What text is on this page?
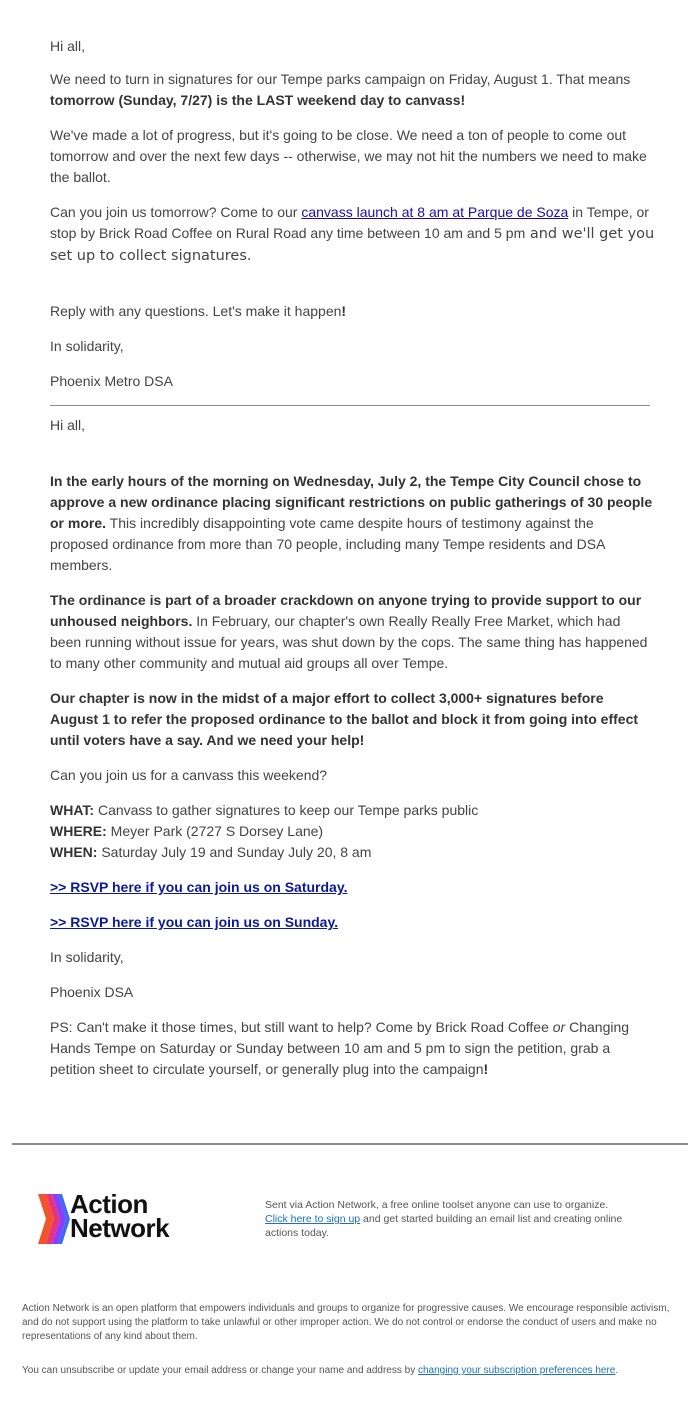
Hi all,

We need to turn in signatures for our Tempe parks campaign on Friday, August 1. That means tomorrow (Sunday, 7/27) is the LAST weekend day to canvass!

We've made a lot of progress, but it's going to be close. We need a ton of people to come out tomorrow and over the next few days -- otherwise, we may not hit the numbers we need to make the ballot.

Can you join us tomorrow? Come to our canvass launch at 8 am at Parque de Soza in Tempe, or stop by Brick Road Coffee on Rural Road any time between 10 am and 5 pm and we'll get you set up to collect signatures.

Reply with any questions. Let's make it happen!

In solidarity,

Phoenix Metro DSA

Hi all,

In the early hours of the morning on Wednesday, July 2, the Tempe City Council chose to approve a new ordinance placing significant restrictions on public gatherings of 30 people or more. This incredibly disappointing vote came despite hours of testimony against the proposed ordinance from more than 70 people, including many Tempe residents and DSA members.

The ordinance is part of a broader crackdown on anyone trying to provide support to our unhoused neighbors. In February, our chapter's own Really Really Free Market, which had been running without issue for years, was shut down by the cops. The same thing has happened to many other community and mutual aid groups all over Tempe.

Our chapter is now in the midst of a major effort to collect 3,000+ signatures before August 1 to refer the proposed ordinance to the ballot and block it from going into effect until voters have a say. And we need your help!

Can you join us for a canvass this weekend?

WHAT: Canvass to gather signatures to keep our Tempe parks public
WHERE: Meyer Park (2727 S Dorsey Lane)
WHEN: Saturday July 19 and Sunday July 20, 8 am

>> RSVP here if you can join us on Saturday.

>> RSVP here if you can join us on Sunday.

In solidarity,

Phoenix DSA

PS: Can't make it those times, but still want to help? Come by Brick Road Coffee or Changing Hands Tempe on Saturday or Sunday between 10 am and 5 pm to sign the petition, grab a petition sheet to circulate yourself, or generally plug into the campaign!

Action
Network
Sent via Action Network, a free online toolset anyone can use to organize.
Click here to sign up and get started building an email list and creating online actions today.
Action Network is an open platform that empowers individuals and groups to organize for progressive causes. We encourage responsible activism, and do not support using the platform to take unlawful or other improper action. We do not control or endorse the conduct of users and make no representations of any kind about them.
You can unsubscribe or update your email address or change your name and address by changing your subscription preferences here.
